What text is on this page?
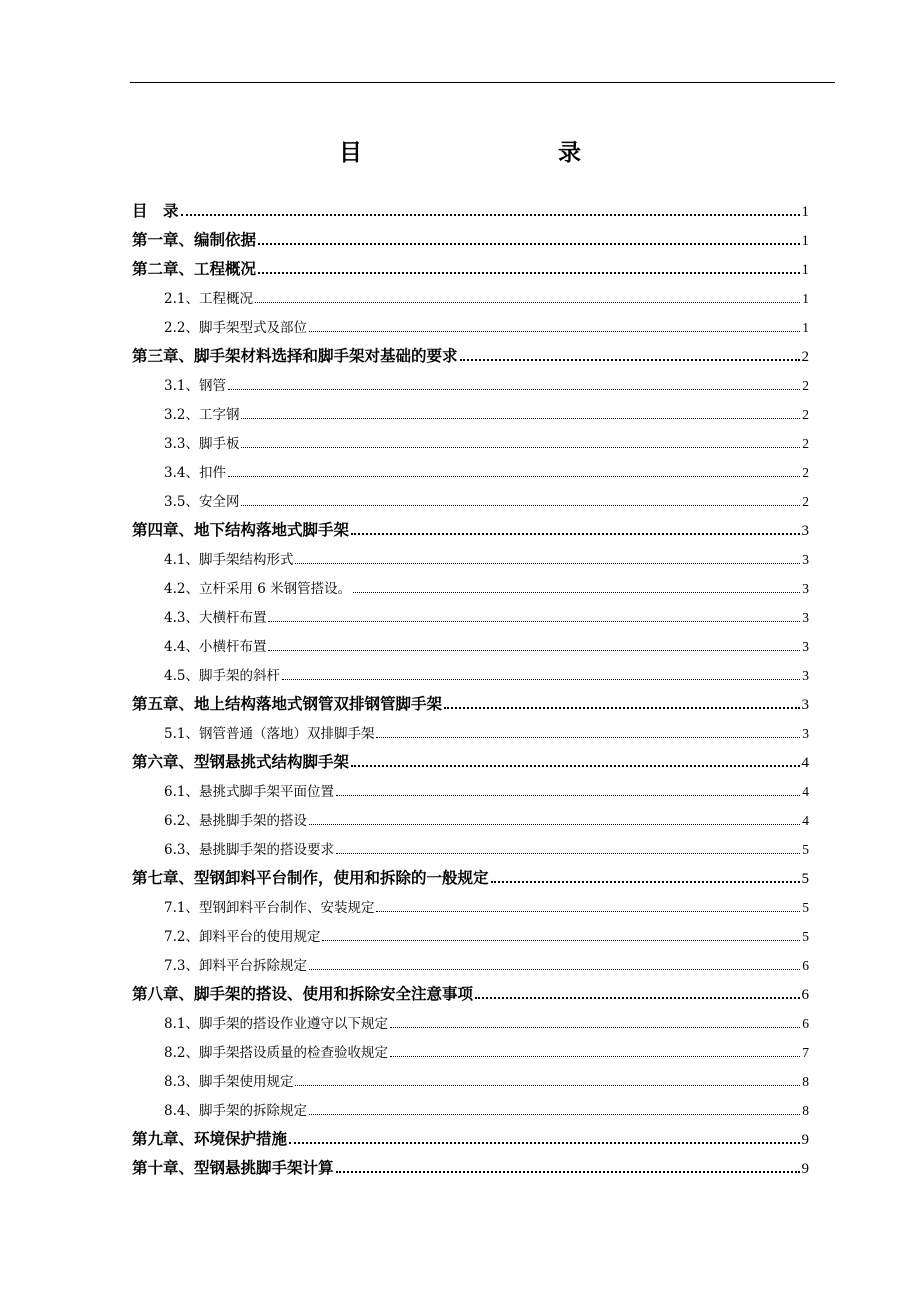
目　　录
目　录	1
第一章、编制依据	1
第二章、工程概况	1
2.1、工程概况	1
2.2、脚手架型式及部位	1
第三章、脚手架材料选择和脚手架对基础的要求	2
3.1、钢管	2
3.2、工字钢	2
3.3、脚手板	2
3.4、扣件	2
3.5、安全网	2
第四章、地下结构落地式脚手架	3
4.1、脚手架结构形式	3
4.2、立杆采用 6 米钢管搭设。	3
4.3、大横杆布置	3
4.4、小横杆布置	3
4.5、脚手架的斜杆	3
第五章、地上结构落地式钢管双排钢管脚手架	3
5.1、钢管普通（落地）双排脚手架	3
第六章、型钢悬挑式结构脚手架	4
6.1、悬挑式脚手架平面位置	4
6.2、悬挑脚手架的搭设	4
6.3、悬挑脚手架的搭设要求	5
第七章、型钢卸料平台制作，使用和拆除的一般规定	5
7.1、型钢卸料平台制作、安装规定	5
7.2、卸料平台的使用规定	5
7.3、卸料平台拆除规定	6
第八章、脚手架的搭设、使用和拆除安全注意事项	6
8.1、脚手架的搭设作业遵守以下规定	6
8.2、脚手架搭设质量的检查验收规定	7
8.3、脚手架使用规定	8
8.4、脚手架的拆除规定	8
第九章、环境保护措施	9
第十章、型钢悬挑脚手架计算	9
